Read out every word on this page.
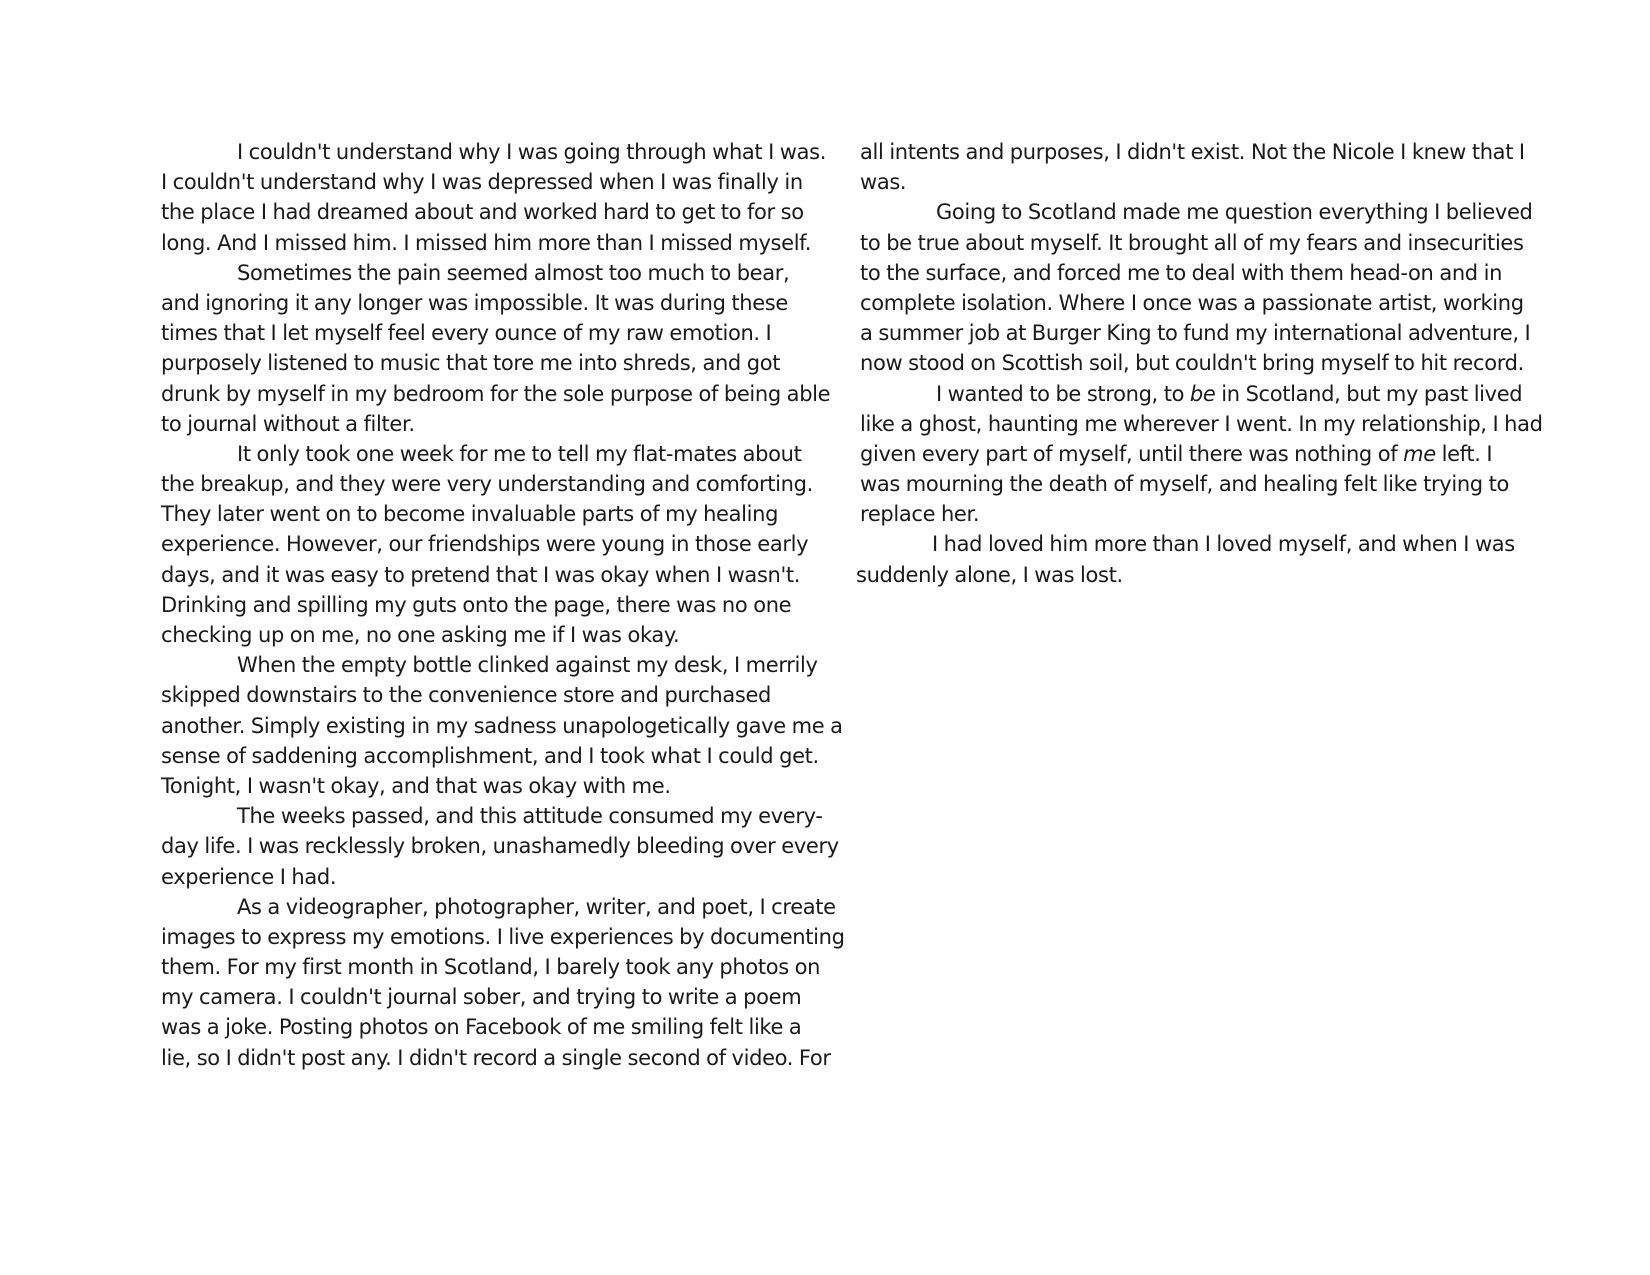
I couldn't understand why I was going through what I was.
I couldn't understand why I was depressed when I was finally in
the place I had dreamed about and worked hard to get to for so
long. And I missed him. I missed him more than I missed myself.
Sometimes the pain seemed almost too much to bear,
and ignoring it any longer was impossible. It was during these
times that I let myself feel every ounce of my raw emotion. I
purposely listened to music that tore me into shreds, and got
drunk by myself in my bedroom for the sole purpose of being able
to journal without a filter.
It only took one week for me to tell my flat-mates about
the breakup, and they were very understanding and comforting.
They later went on to become invaluable parts of my healing
experience. However, our friendships were young in those early
days, and it was easy to pretend that I was okay when I wasn't.
Drinking and spilling my guts onto the page, there was no one
checking up on me, no one asking me if I was okay.
When the empty bottle clinked against my desk, I merrily
skipped downstairs to the convenience store and purchased
another. Simply existing in my sadness unapologetically gave me a
sense of saddening accomplishment, and I took what I could get.
Tonight, I wasn't okay, and that was okay with me.
The weeks passed, and this attitude consumed my every-
day life. I was recklessly broken, unashamedly bleeding over every
experience I had.
As a videographer, photographer, writer, and poet, I create
images to express my emotions. I live experiences by documenting
them. For my first month in Scotland, I barely took any photos on
my camera. I couldn't journal sober, and trying to write a poem
was a joke. Posting photos on Facebook of me smiling felt like a
lie, so I didn't post any. I didn't record a single second of video. For
all intents and purposes, I didn't exist. Not the Nicole I knew that I
was.
Going to Scotland made me question everything I believed
to be true about myself. It brought all of my fears and insecurities
to the surface, and forced me to deal with them head-on and in
complete isolation. Where I once was a passionate artist, working
a summer job at Burger King to fund my international adventure, I
now stood on Scottish soil, but couldn't bring myself to hit record.
I wanted to be strong, to be in Scotland, but my past lived
like a ghost, haunting me wherever I went. In my relationship, I had
given every part of myself, until there was nothing of me left. I
was mourning the death of myself, and healing felt like trying to
replace her.
I had loved him more than I loved myself, and when I was
suddenly alone, I was lost.
